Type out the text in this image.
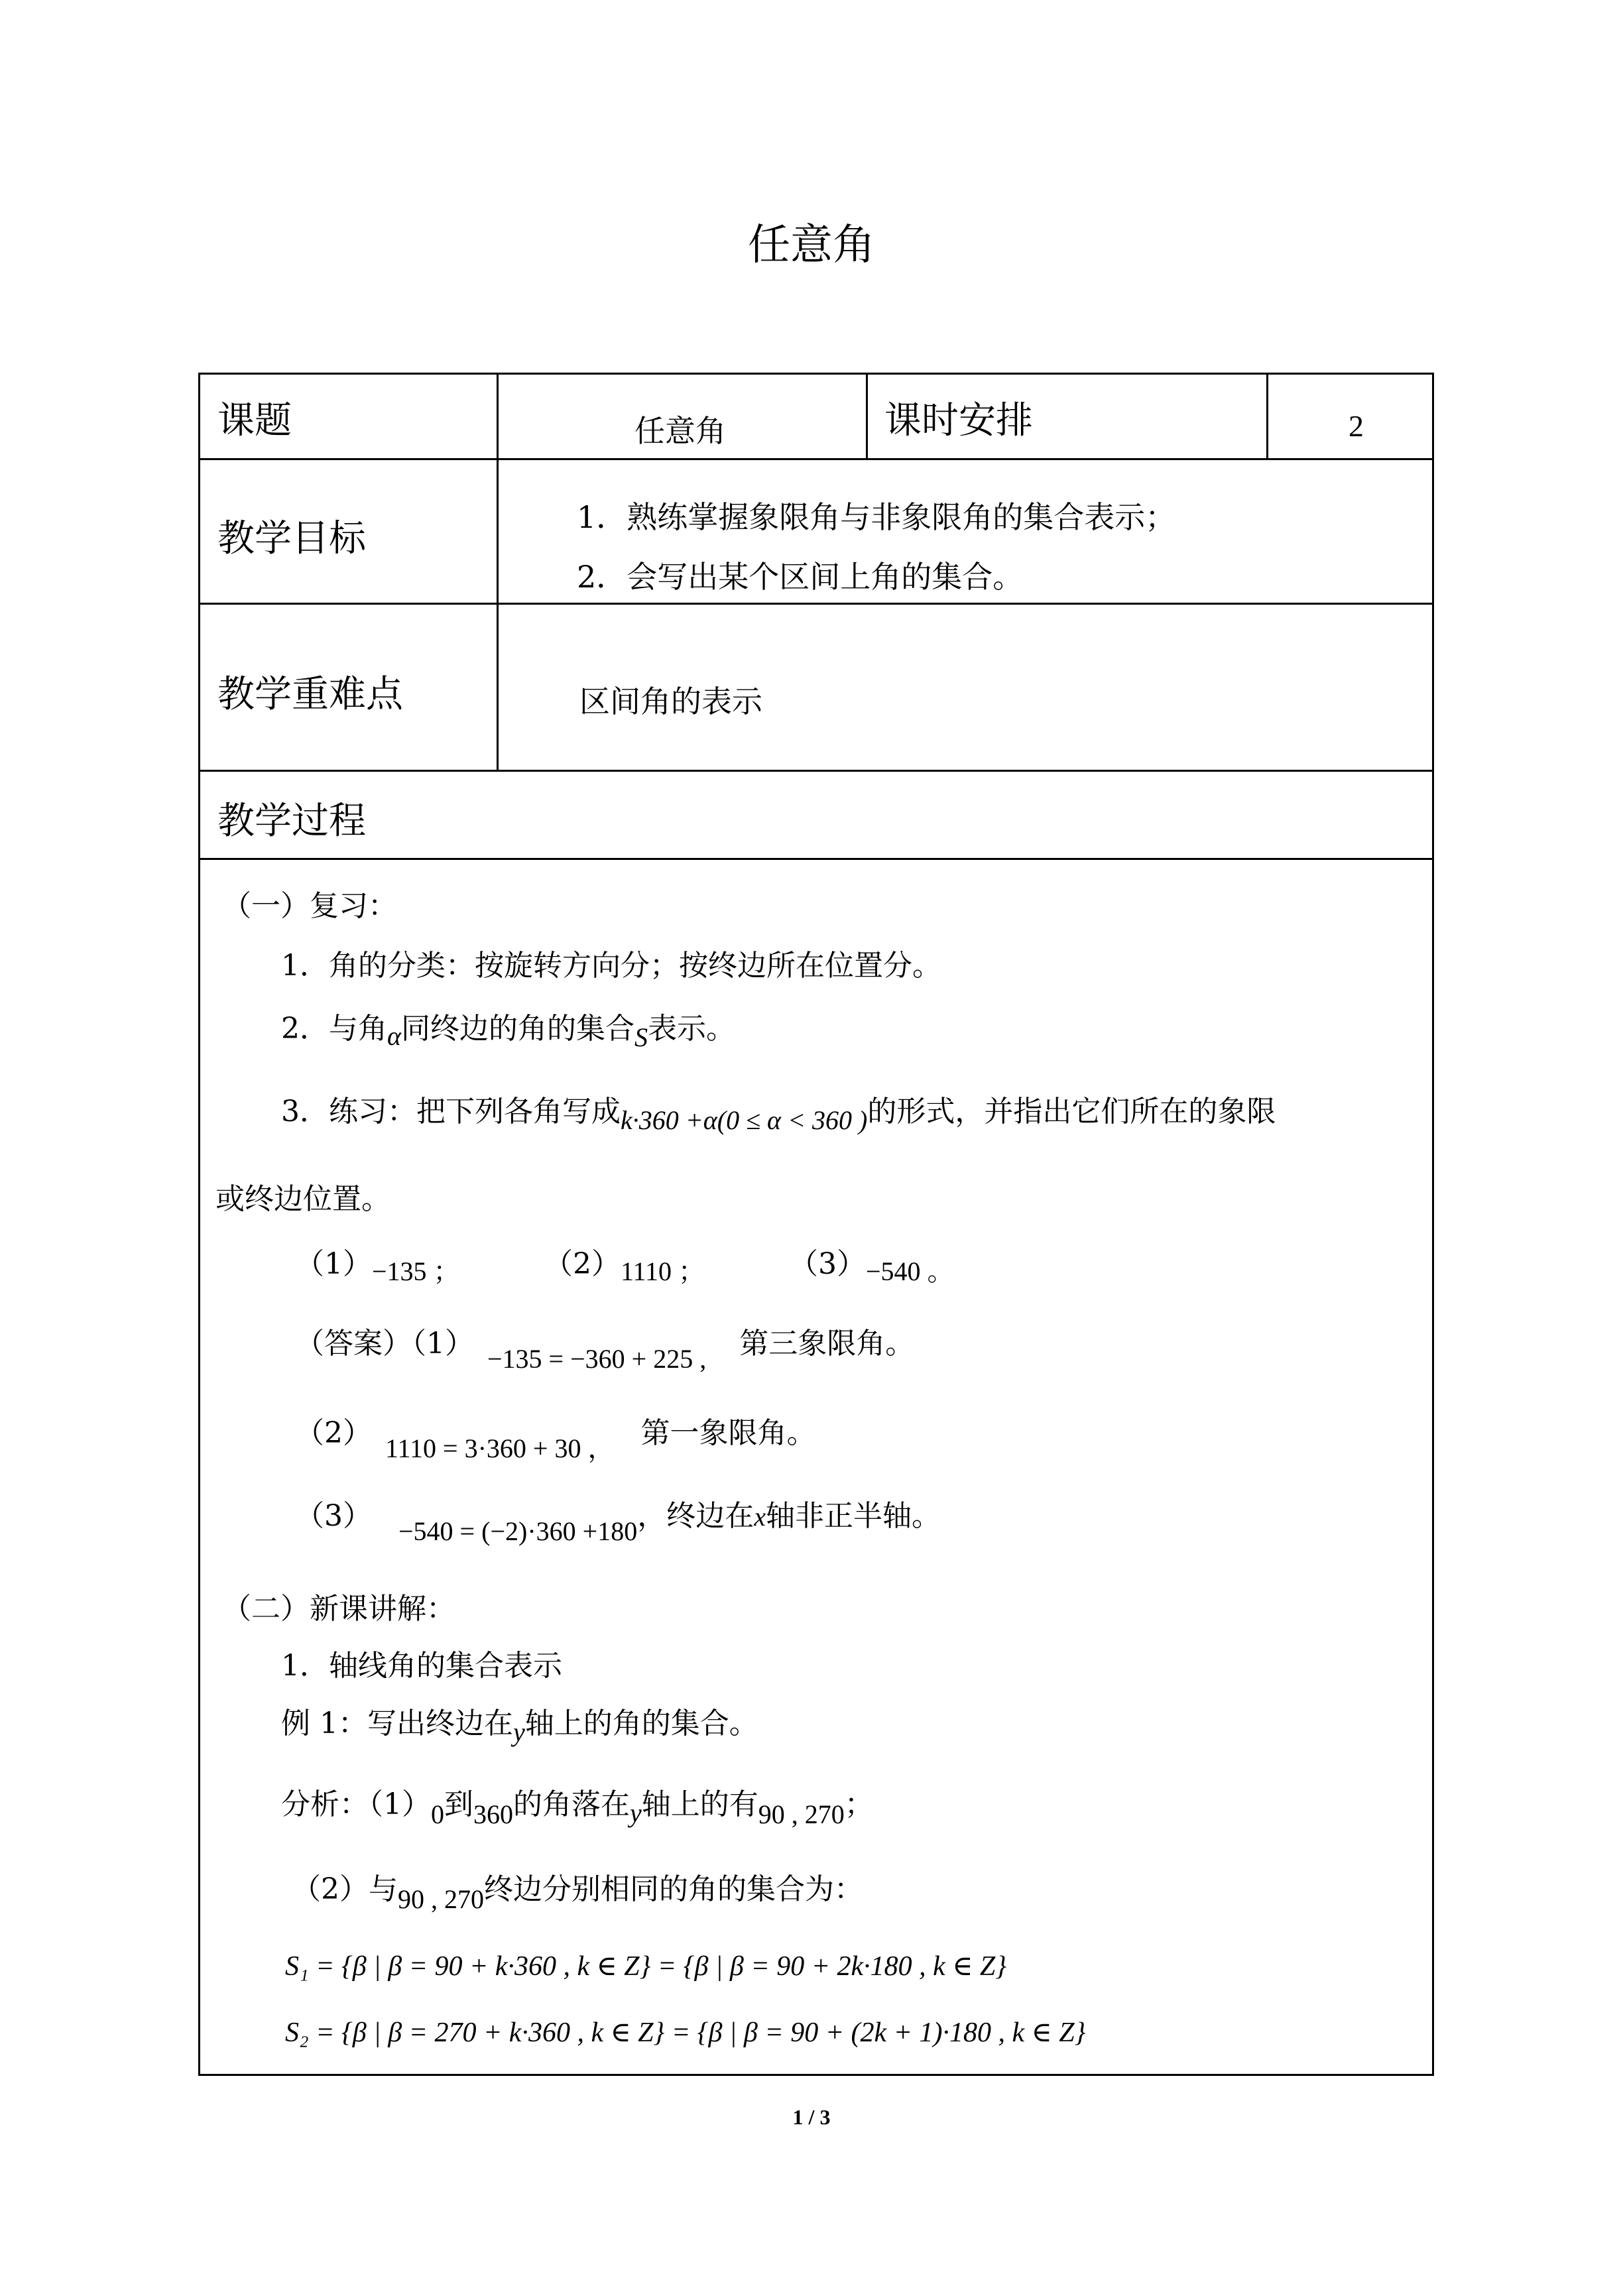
任意角
课题	任意角	课时安排	2
教学目标	1．熟练掌握象限角与非象限角的集合表示；
2．会写出某个区间上角的集合。
教学重难点	区间角的表示
教学过程
（一）复习：
1．角的分类：按旋转方向分；按终边所在位置分。
2．与角α同终边的角的集合S表示。
3．练习：把下列各角写成k·360 +α(0 ≤ α < 360 )的形式，并指出它们所在的象限
或终边位置。
（1）−135 ；	（2）1110 ；	（3）−540 。
（答案）（1） −135 = −360 + 225 , 第三象限角。
（2） 1110 = 3·360 + 30 ， 第一象限角。
（3） −540 = (−2)·360 +180，终边在x轴非正半轴。
（二）新课讲解：
1．轴线角的集合表示
例 1：写出终边在y轴上的角的集合。
分析：（1）0到360的角落在y轴上的有90 , 270；
（2）与90 , 270终边分别相同的角的集合为：
S₁ = {β | β = 90 + k·360 , k ∈ Z} = {β | β = 90 + 2k·180 , k ∈ Z}
S₂ = {β | β = 270 + k·360 , k ∈ Z} = {β | β = 90 + (2k + 1)·180 , k ∈ Z}
1 / 3
